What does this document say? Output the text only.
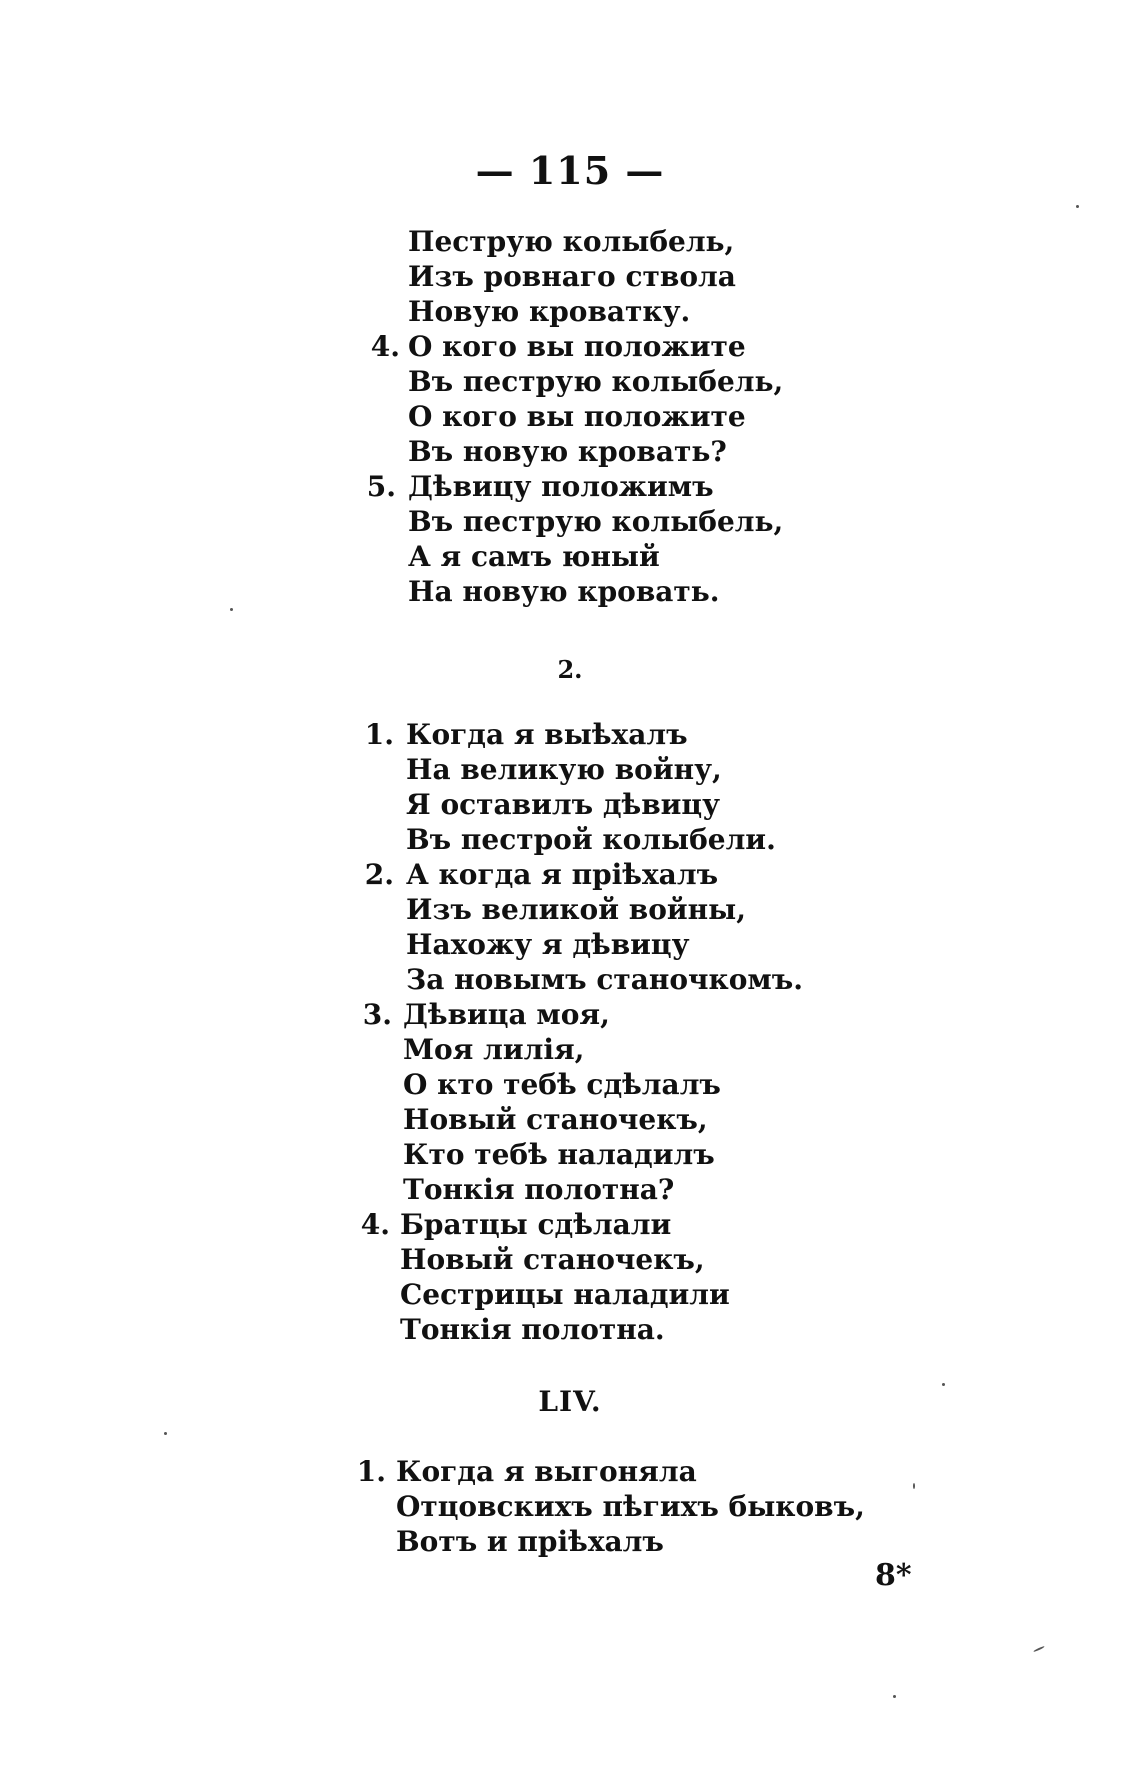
— 115 —
Пеструю колыбель,
Изъ ровнаго ствола
Новую кроватку.
4. О кого вы положите
Въ пеструю колыбель,
О кого вы положите
Въ новую кровать?
5. Дѣвицу положимъ
Въ пеструю колыбель,
А я самъ юный
На новую кровать.
2.
1. Когда я выѣхалъ
На великую войну,
Я оставилъ дѣвицу
Въ пестрой колыбели.
2. А когда я пріѣхалъ
Изъ великой войны,
Нахожу я дѣвицу
За новымъ станочкомъ.
3. Дѣвица моя,
Моя лилія,
О кто тебѣ сдѣлалъ
Новый станочекъ,
Кто тебѣ наладилъ
Тонкія полотна?
4. Братцы сдѣлали
Новый станочекъ,
Сестрицы наладили
Тонкія полотна.
LIV.
1. Когда я выгоняла
Отцовскихъ пѣгихъ быковъ,
Вотъ и пріѣхалъ
8*
